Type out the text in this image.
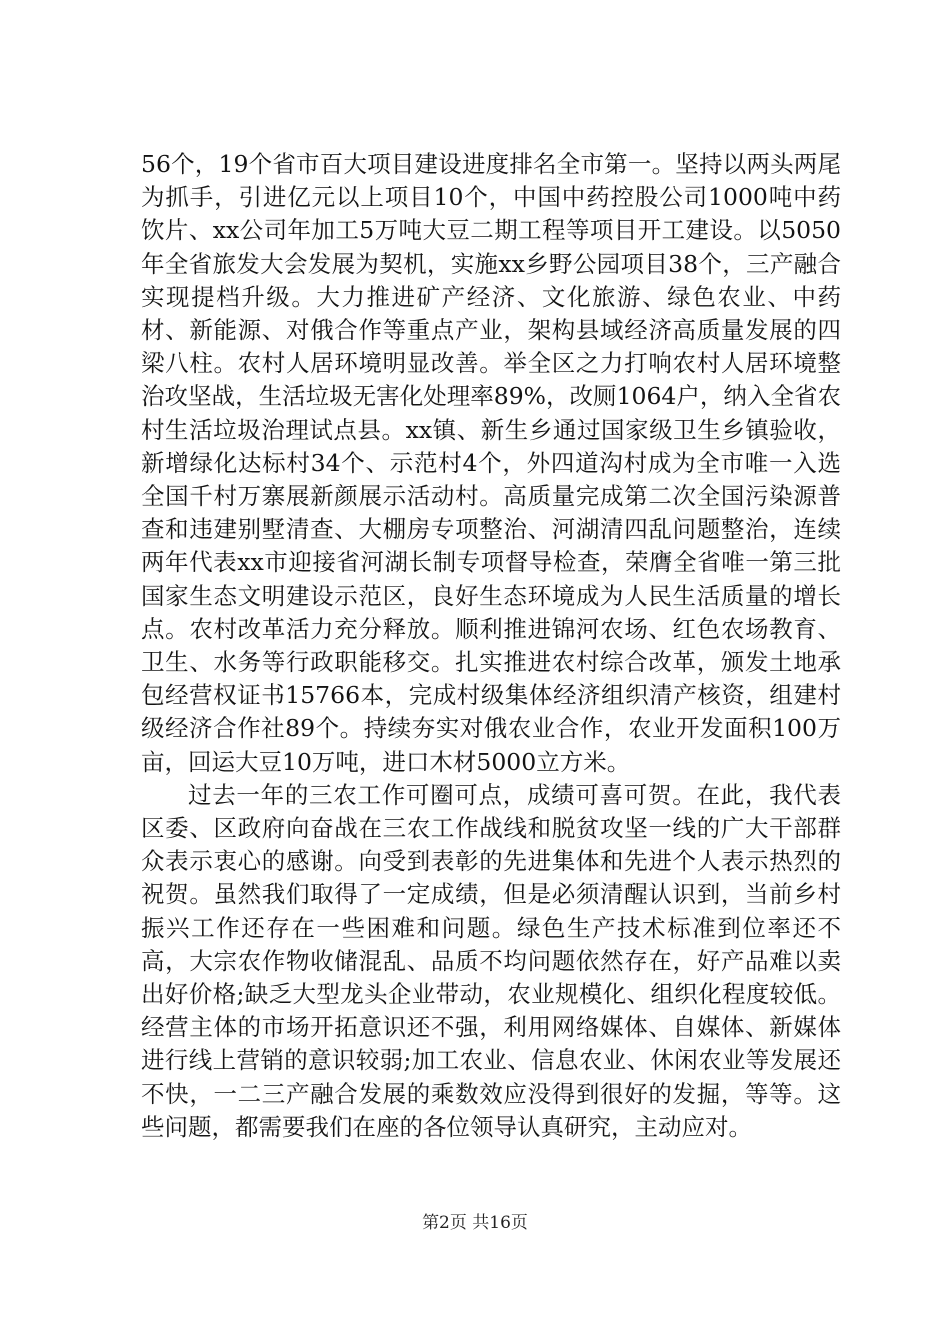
56个，19个省市百大项目建设进度排名全市第一。坚持以两头两尾为抓手，引进亿元以上项目10个，中国中药控股公司1000吨中药饮片、xx公司年加工5万吨大豆二期工程等项目开工建设。以5050年全省旅发大会发展为契机，实施xx乡野公园项目38个，三产融合实现提档升级。大力推进矿产经济、文化旅游、绿色农业、中药材、新能源、对俄合作等重点产业，架构县域经济高质量发展的四梁八柱。农村人居环境明显改善。举全区之力打响农村人居环境整治攻坚战，生活垃圾无害化处理率89%，改厕1064户，纳入全省农村生活垃圾治理试点县。xx镇、新生乡通过国家级卫生乡镇验收，新增绿化达标村34个、示范村4个，外四道沟村成为全市唯一入选全国千村万寨展新颜展示活动村。高质量完成第二次全国污染源普查和违建别墅清查、大棚房专项整治、河湖清四乱问题整治，连续两年代表xx市迎接省河湖长制专项督导检查，荣膺全省唯一第三批国家生态文明建设示范区，良好生态环境成为人民生活质量的增长点。农村改革活力充分释放。顺利推进锦河农场、红色农场教育、卫生、水务等行政职能移交。扎实推进农村综合改革，颁发土地承包经营权证书15766本，完成村级集体经济组织清产核资，组建村级经济合作社89个。持续夯实对俄农业合作，农业开发面积100万亩，回运大豆10万吨，进口木材5000立方米。

过去一年的三农工作可圈可点，成绩可喜可贺。在此，我代表区委、区政府向奋战在三农工作战线和脱贫攻坚一线的广大干部群众表示衷心的感谢。向受到表彰的先进集体和先进个人表示热烈的祝贺。虽然我们取得了一定成绩，但是必须清醒认识到，当前乡村振兴工作还存在一些困难和问题。绿色生产技术标准到位率还不高，大宗农作物收储混乱、品质不均问题依然存在，好产品难以卖出好价格;缺乏大型龙头企业带动，农业规模化、组织化程度较低。经营主体的市场开拓意识还不强，利用网络媒体、自媒体、新媒体进行线上营销的意识较弱;加工农业、信息农业、休闲农业等发展还不快，一二三产融合发展的乘数效应没得到很好的发掘，等等。这些问题，都需要我们在座的各位领导认真研究，主动应对。

第2页 共16页
